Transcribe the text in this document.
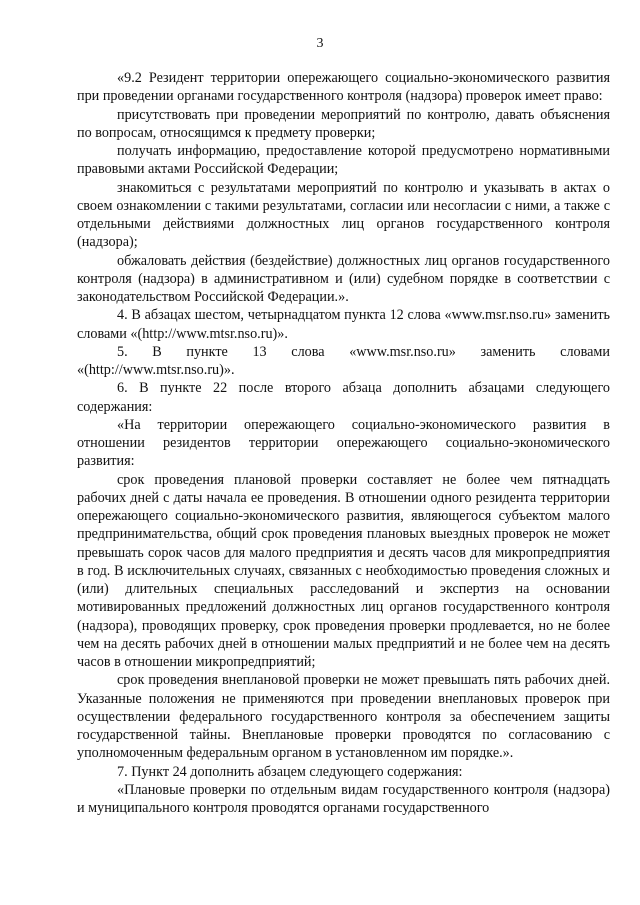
3

«9.2 Резидент территории опережающего социально-экономического развития при проведении органами государственного контроля (надзора) проверок имеет право:

присутствовать при проведении мероприятий по контролю, давать объяснения по вопросам, относящимся к предмету проверки;

получать информацию, предоставление которой предусмотрено нормативными правовыми актами Российской Федерации;

знакомиться с результатами мероприятий по контролю и указывать в актах о своем ознакомлении с такими результатами, согласии или несогласии с ними, а также с отдельными действиями должностных лиц органов государственного контроля (надзора);

обжаловать действия (бездействие) должностных лиц органов государственного контроля (надзора) в административном и (или) судебном порядке в соответствии с законодательством Российской Федерации.».

4. В абзацах шестом, четырнадцатом пункта 12 слова «www.msr.nso.ru» заменить словами «(http://www.mtsr.nso.ru)».

5. В пункте 13 слова «www.msr.nso.ru» заменить словами «(http://www.mtsr.nso.ru)».

6. В пункте 22 после второго абзаца дополнить абзацами следующего содержания:

«На территории опережающего социально-экономического развития в отношении резидентов территории опережающего социально-экономического развития:

срок проведения плановой проверки составляет не более чем пятнадцать рабочих дней с даты начала ее проведения. В отношении одного резидента территории опережающего социально-экономического развития, являющегося субъектом малого предпринимательства, общий срок проведения плановых выездных проверок не может превышать сорок часов для малого предприятия и десять часов для микропредприятия в год. В исключительных случаях, связанных с необходимостью проведения сложных и (или) длительных специальных расследований и экспертиз на основании мотивированных предложений должностных лиц органов государственного контроля (надзора), проводящих проверку, срок проведения проверки продлевается, но не более чем на десять рабочих дней в отношении малых предприятий и не более чем на десять часов в отношении микропредприятий;

срок проведения внеплановой проверки не может превышать пять рабочих дней. Указанные положения не применяются при проведении внеплановых проверок при осуществлении федерального государственного контроля за обеспечением защиты государственной тайны. Внеплановые проверки проводятся по согласованию с уполномоченным федеральным органом в установленном им порядке.».

7. Пункт 24 дополнить абзацем следующего содержания:

«Плановые проверки по отдельным видам государственного контроля (надзора) и муниципального контроля проводятся органами государственного
